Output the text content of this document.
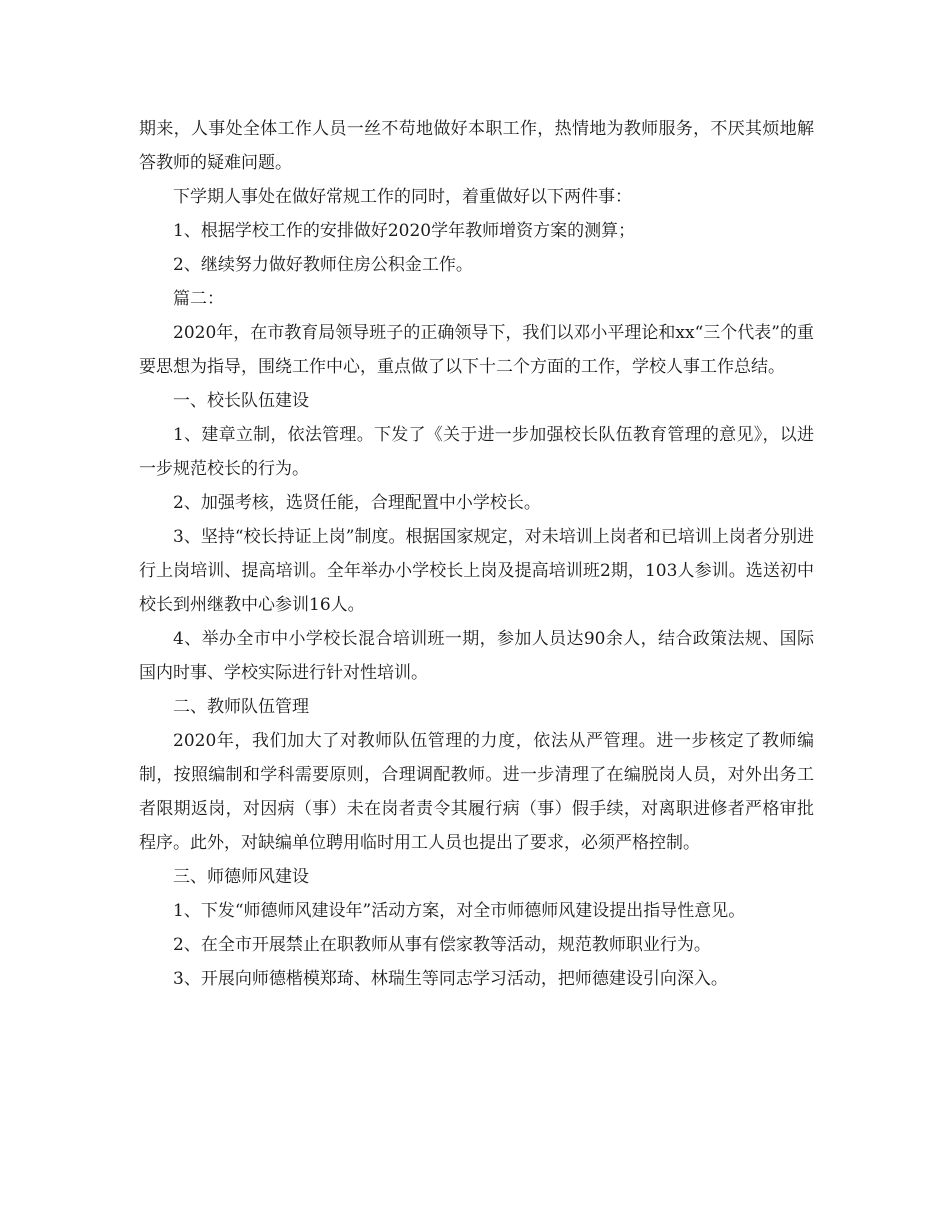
期来，人事处全体工作人员一丝不苟地做好本职工作，热情地为教师服务，不厌其烦地解答教师的疑难问题。

下学期人事处在做好常规工作的同时，着重做好以下两件事：

1、根据学校工作的安排做好2020学年教师增资方案的测算；

2、继续努力做好教师住房公积金工作。

篇二：

2020年，在市教育局领导班子的正确领导下，我们以邓小平理论和xx“三个代表”的重要思想为指导，围绕工作中心，重点做了以下十二个方面的工作，学校人事工作总结。

一、校长队伍建设

1、建章立制，依法管理。下发了《关于进一步加强校长队伍教育管理的意见》，以进一步规范校长的行为。

2、加强考核，选贤任能，合理配置中小学校长。

3、坚持“校长持证上岗”制度。根据国家规定，对未培训上岗者和已培训上岗者分别进行上岗培训、提高培训。全年举办小学校长上岗及提高培训班2期，103人参训。选送初中校长到州继教中心参训16人。

4、举办全市中小学校长混合培训班一期，参加人员达90余人，结合政策法规、国际国内时事、学校实际进行针对性培训。

二、教师队伍管理

2020年，我们加大了对教师队伍管理的力度，依法从严管理。进一步核定了教师编制，按照编制和学科需要原则，合理调配教师。进一步清理了在编脱岗人员，对外出务工者限期返岗，对因病（事）未在岗者责令其履行病（事）假手续，对离职进修者严格审批程序。此外，对缺编单位聘用临时用工人员也提出了要求，必须严格控制。

三、师德师风建设

1、下发“师德师风建设年”活动方案，对全市师德师风建设提出指导性意见。

2、在全市开展禁止在职教师从事有偿家教等活动，规范教师职业行为。

3、开展向师德楷模郑琦、林瑞生等同志学习活动，把师德建设引向深入。
